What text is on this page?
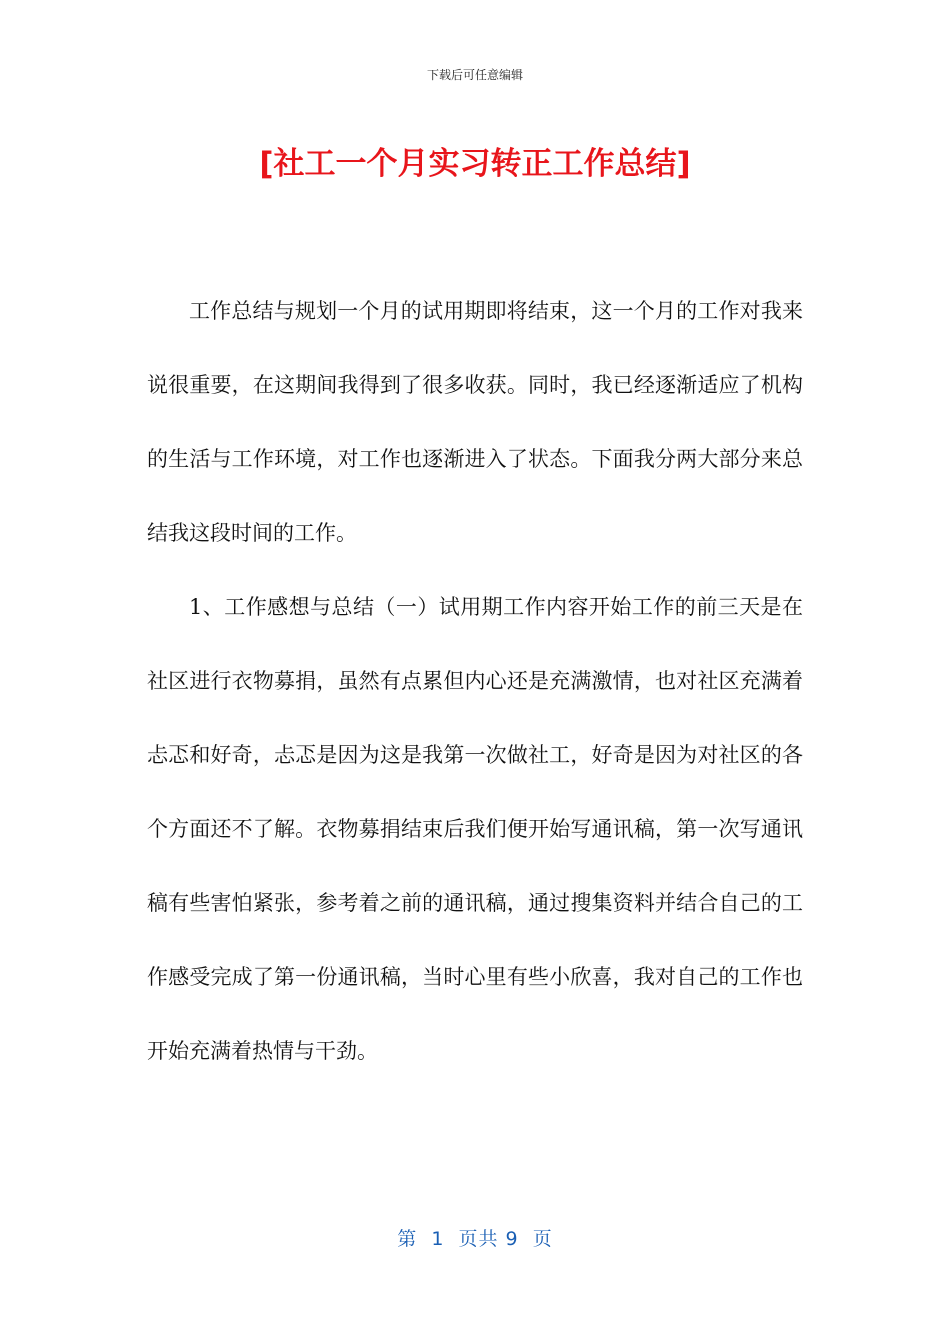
下载后可任意编辑
[社工一个月实习转正工作总结]

工作总结与规划一个月的试用期即将结束，这一个月的工作对我来说很重要，在这期间我得到了很多收获。同时，我已经逐渐适应了机构的生活与工作环境，对工作也逐渐进入了状态。下面我分两大部分来总结我这段时间的工作。

1、工作感想与总结（一）试用期工作内容开始工作的前三天是在社区进行衣物募捐，虽然有点累但内心还是充满激情，也对社区充满着忐忑和好奇，忐忑是因为这是我第一次做社工，好奇是因为对社区的各个方面还不了解。衣物募捐结束后我们便开始写通讯稿，第一次写通讯稿有些害怕紧张，参考着之前的通讯稿，通过搜集资料并结合自己的工作感受完成了第一份通讯稿，当时心里有些小欣喜，我对自己的工作也开始充满着热情与干劲。

第  1  页共 9  页
